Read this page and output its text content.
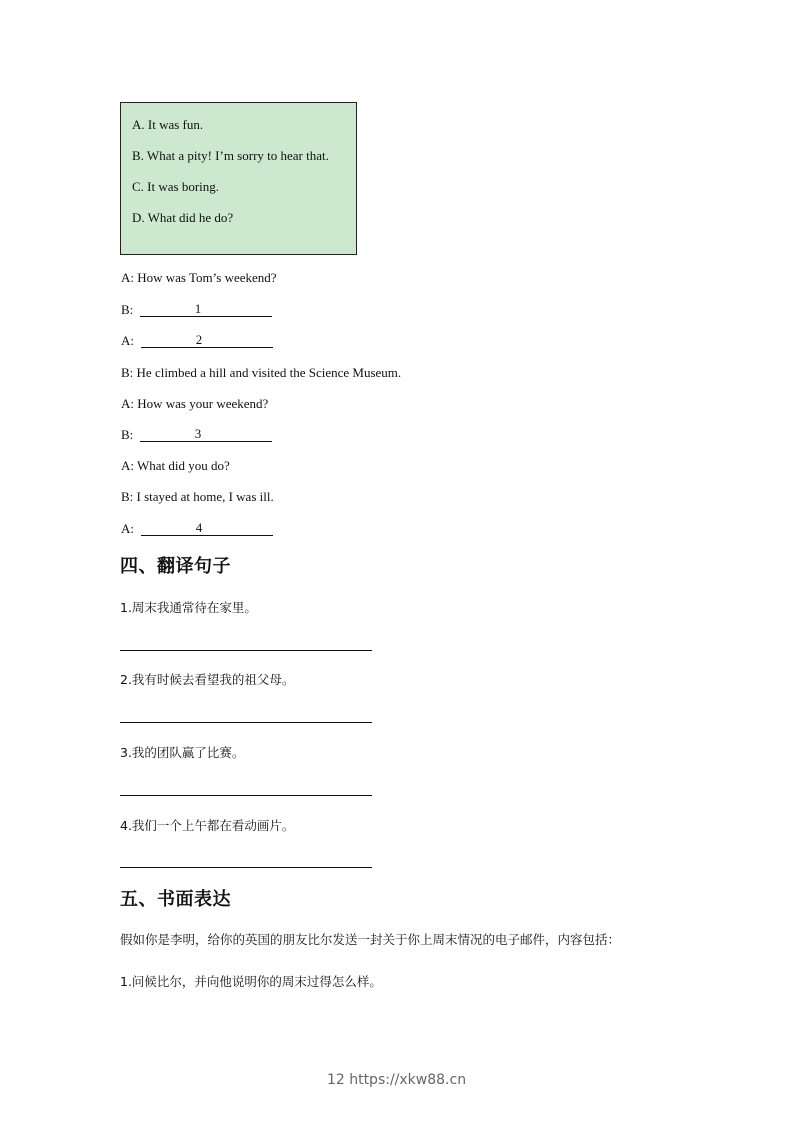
A. It was fun.
B. What a pity! I’m sorry to hear that.
C. It was boring.
D. What did he do?
A: How was Tom’s weekend?
B:	1
A:	2
B: He climbed a hill and visited the Science Museum.
A: How was your weekend?
B:	3
A: What did you do?
B: I stayed at home, I was ill.
A:	4
四、翻译句子
1.周末我通常待在家里。
2.我有时候去看望我的祖父母。
3.我的团队赢了比赛。
4.我们一个上午都在看动画片。
五、书面表达
假如你是李明，给你的英国的朋友比尔发送一封关于你上周末情况的电子邮件，内容包括：
1.问候比尔，并向他说明你的周末过得怎么样。
12 https://xkw88.cn
